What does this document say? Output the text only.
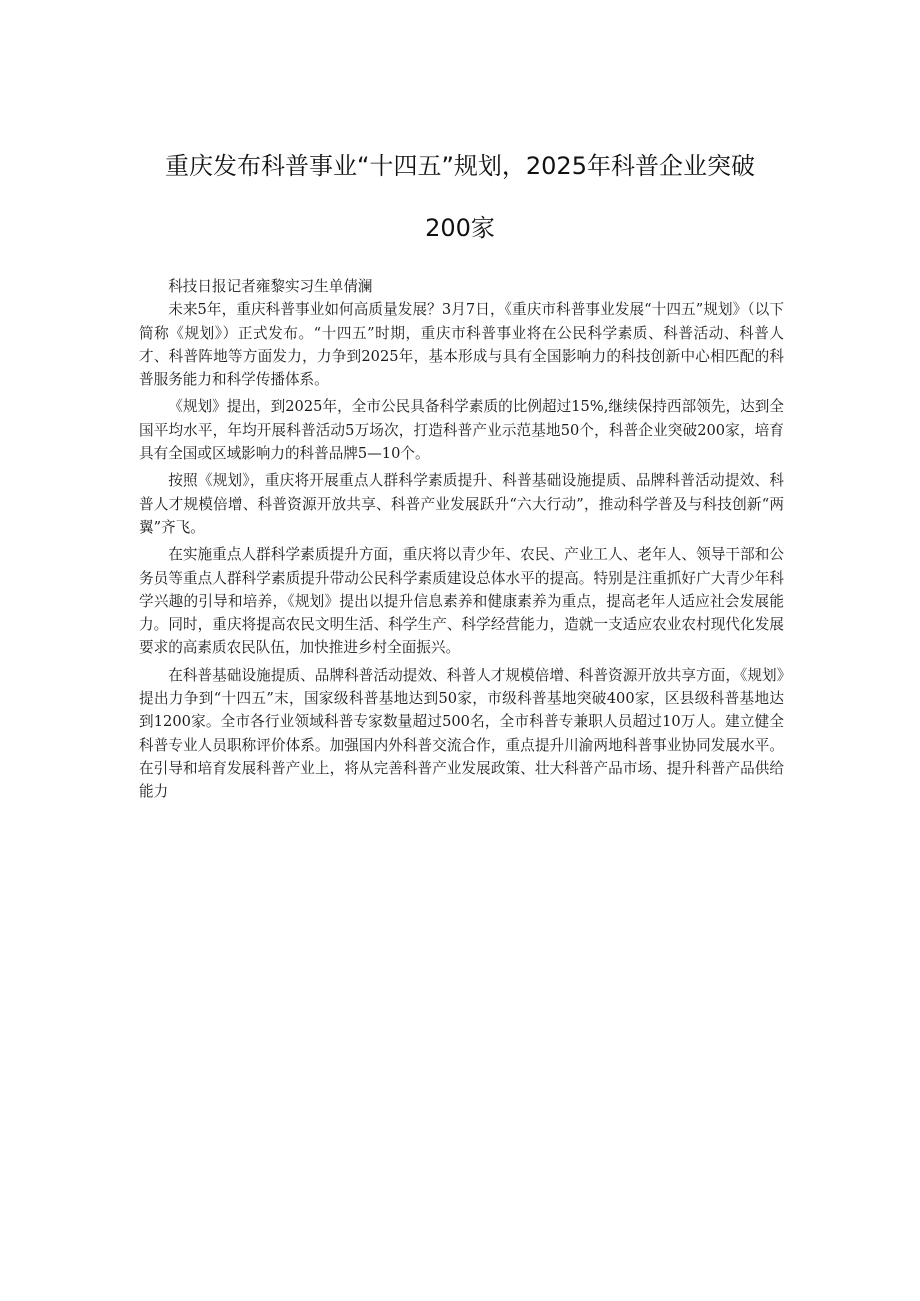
重庆发布科普事业“十四五”规划，2025年科普企业突破
200家

科技日报记者雍黎实习生单倩澜

未来5年，重庆科普事业如何高质量发展？3月7日，《重庆市科普事业发展“十四五”规划》（以下简称《规划》）正式发布。“十四五”时期，重庆市科普事业将在公民科学素质、科普活动、科普人才、科普阵地等方面发力，力争到2025年，基本形成与具有全国影响力的科技创新中心相匹配的科普服务能力和科学传播体系。

《规划》提出，到2025年，全市公民具备科学素质的比例超过15%,继续保持西部领先，达到全国平均水平，年均开展科普活动5万场次，打造科普产业示范基地50个，科普企业突破200家，培育具有全国或区域影响力的科普品牌5—10个。

按照《规划》，重庆将开展重点人群科学素质提升、科普基础设施提质、品牌科普活动提效、科普人才规模倍增、科普资源开放共享、科普产业发展跃升“六大行动”，推动科学普及与科技创新“两翼”齐飞。

在实施重点人群科学素质提升方面，重庆将以青少年、农民、产业工人、老年人、领导干部和公务员等重点人群科学素质提升带动公民科学素质建设总体水平的提高。特别是注重抓好广大青少年科学兴趣的引导和培养，《规划》提出以提升信息素养和健康素养为重点，提高老年人适应社会发展能力。同时，重庆将提高农民文明生活、科学生产、科学经营能力，造就一支适应农业农村现代化发展要求的高素质农民队伍，加快推进乡村全面振兴。

在科普基础设施提质、品牌科普活动提效、科普人才规模倍增、科普资源开放共享方面，《规划》提出力争到“十四五”末，国家级科普基地达到50家，市级科普基地突破400家，区县级科普基地达到1200家。全市各行业领域科普专家数量超过500名，全市科普专兼职人员超过10万人。建立健全科普专业人员职称评价体系。加强国内外科普交流合作，重点提升川渝两地科普事业协同发展水平。在引导和培育发展科普产业上，将从完善科普产业发展政策、壮大科普产品市场、提升科普产品供给能力
